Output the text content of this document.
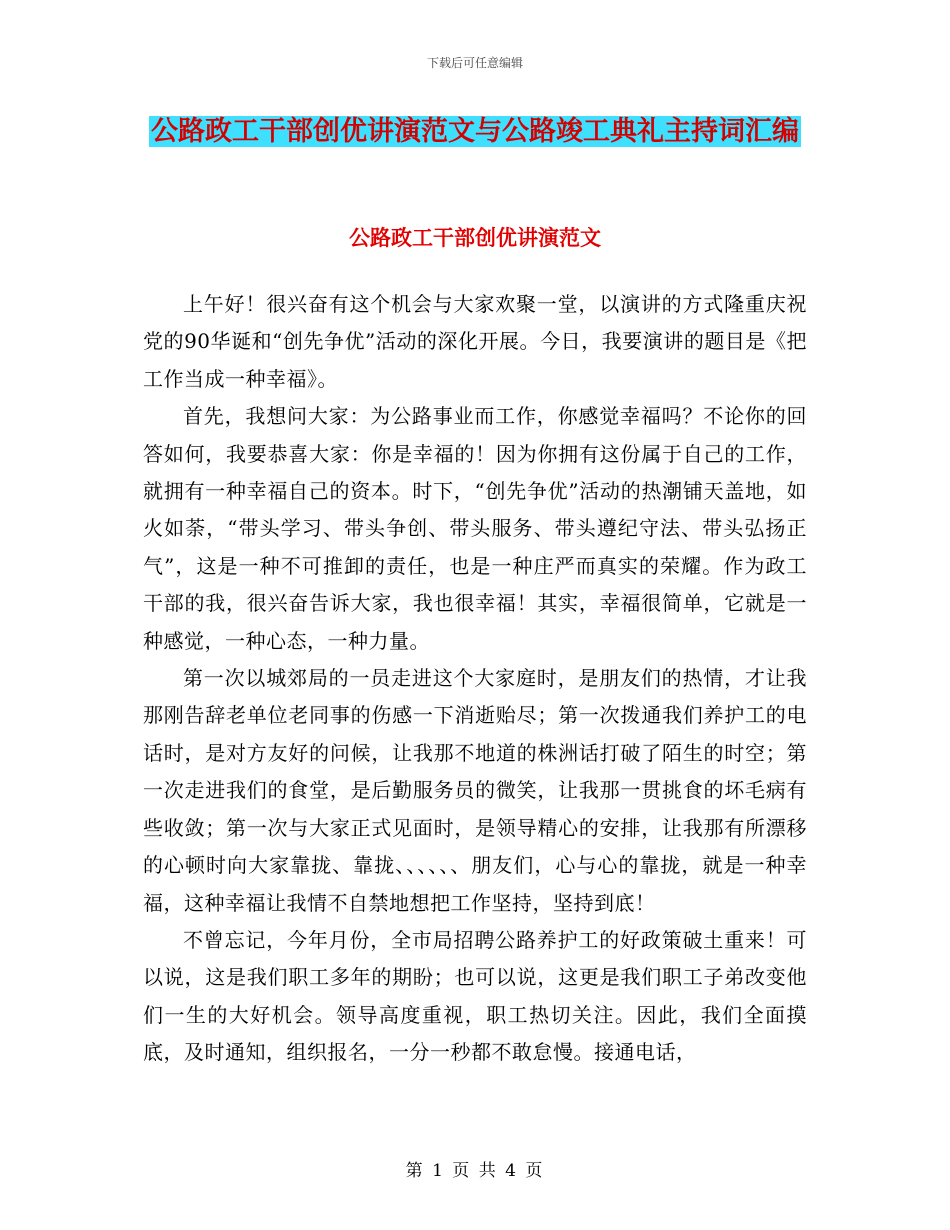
下载后可任意编辑
公路政工干部创优讲演范文与公路竣工典礼主持词汇编
公路政工干部创优讲演范文

上午好！很兴奋有这个机会与大家欢聚一堂，以演讲的方式隆重庆祝党的90华诞和“创先争优”活动的深化开展。今日，我要演讲的题目是《把工作当成一种幸福》。

首先，我想问大家：为公路事业而工作，你感觉幸福吗？不论你的回答如何，我要恭喜大家：你是幸福的！因为你拥有这份属于自己的工作，就拥有一种幸福自己的资本。时下，“创先争优”活动的热潮铺天盖地，如火如荼，“带头学习、带头争创、带头服务、带头遵纪守法、带头弘扬正气”，这是一种不可推卸的责任，也是一种庄严而真实的荣耀。作为政工干部的我，很兴奋告诉大家，我也很幸福！其实，幸福很简单，它就是一种感觉，一种心态，一种力量。

第一次以城郊局的一员走进这个大家庭时，是朋友们的热情，才让我那刚告辞老单位老同事的伤感一下消逝贻尽；第一次拨通我们养护工的电话时，是对方友好的问候，让我那不地道的株洲话打破了陌生的时空；第一次走进我们的食堂，是后勤服务员的微笑，让我那一贯挑食的坏毛病有些收敛；第一次与大家正式见面时，是领导精心的安排，让我那有所漂移的心顿时向大家靠拢、靠拢、、、、、、朋友们，心与心的靠拢，就是一种幸福，这种幸福让我情不自禁地想把工作坚持，坚持到底！

不曾忘记，今年月份，全市局招聘公路养护工的好政策破土重来！可以说，这是我们职工多年的期盼；也可以说，这更是我们职工子弟改变他们一生的大好机会。领导高度重视，职工热切关注。因此，我们全面摸底，及时通知，组织报名，一分一秒都不敢怠慢。接通电话，

第 1 页 共 4 页
